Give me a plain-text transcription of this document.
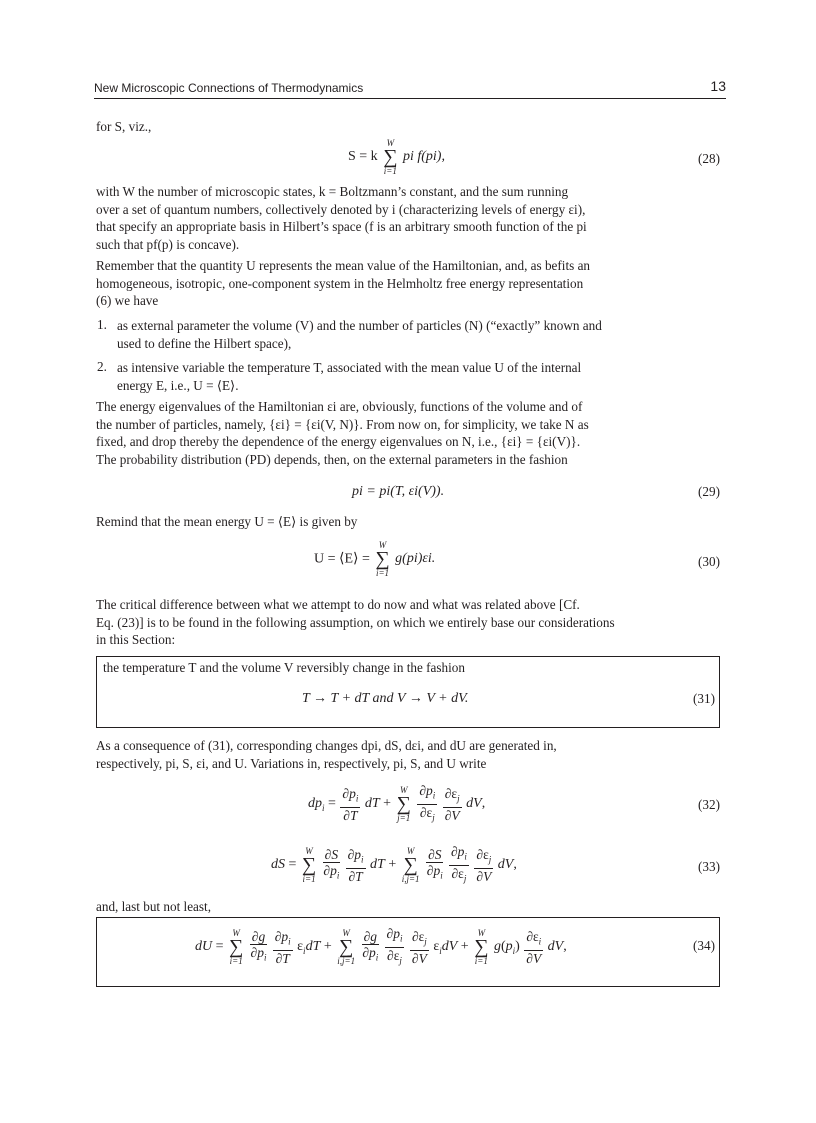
New Microscopic Connections of Thermodynamics	13

for S, viz.,

S = k
W
∑
i=1
pi f(pi),	(28)
with W the number of microscopic states, k = Boltzmann’s constant, and the sum running
over a set of quantum numbers, collectively denoted by i (characterizing levels of energy εi),
that specify an appropriate basis in Hilbert’s space (f is an arbitrary smooth function of the pi
such that pf(p) is concave).
Remember that the quantity U represents the mean value of the Hamiltonian, and, as befits an
homogeneous, isotropic, one-component system in the Helmholtz free energy representation
(6) we have
1. as external parameter the volume (V) and the number of particles (N) (“exactly” known and
used to define the Hilbert space),
2. as intensive variable the temperature T, associated with the mean value U of the internal
energy E, i.e., U = ⟨E⟩.
The energy eigenvalues of the Hamiltonian εi are, obviously, functions of the volume and of
the number of particles, namely, {εi} = {εi(V, N)}. From now on, for simplicity, we take N as
fixed, and drop thereby the dependence of the energy eigenvalues on N, i.e., {εi} = {εi(V)}.
The probability distribution (PD) depends, then, on the external parameters in the fashion
pi = pi(T, εi(V)).	(29)

Remind that the mean energy U = ⟨E⟩ is given by

U = ⟨E⟩ =
W
∑
i=1
g(pi)εi.	(30)
The critical difference between what we attempt to do now and what was related above [Cf.
Eq. (23)] is to be found in the following assumption, on which we entirely base our considerations
in this Section:
the temperature T and the volume V reversibly change in the fashion
T → T + dT and V → V + dV.	(31)
As a consequence of (31), corresponding changes dpi, dS, dεi, and dU are generated in,
respectively, pi, S, εi, and U. Variations in, respectively, pi, S, and U write
$dp_i = \frac{\partial p_i}{\partial T}$ dT +
W
∑
j=1
$\frac{\partial p_i}{\partial\varepsilon_j}$
$\frac{\partial\varepsilon_j}{\partial V}$ dV,	(32)
dS =
W
∑
i=1
$\frac{\partial S}{\partial p_i}$
$\frac{\partial p_i}{\partial T}$ dT +
W
∑
i,j=1
$\frac{\partial S}{\partial p_i}$
$\frac{\partial p_i}{\partial\varepsilon_j}$
$\frac{\partial\varepsilon_j}{\partial V}$ dV,	(33)

and, last but not least,

dU =
W
∑
i=1
$\frac{\partial g}{\partial p_i}$
$\frac{\partial p_i}{\partial T} \varepsilon_idT$ +
W
∑
i,j=1
$\frac{\partial g}{\partial p_i}$
$\frac{\partial p_i}{\partial\varepsilon_j}$
$\frac{\partial\varepsilon_j}{\partial V} \varepsilon_idV$ +
W
∑
i=1
$g(p_i) \frac{\partial\varepsilon_i}{\partial V}$ dV,	(34)
